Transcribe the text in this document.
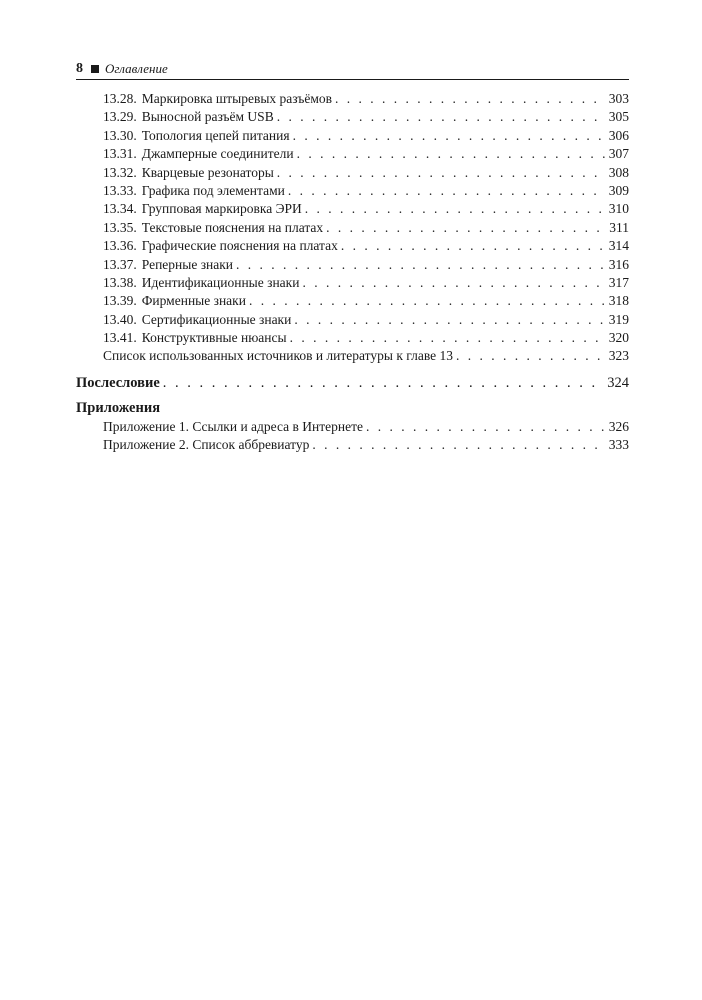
8 Оглавление
13.28. Маркировка штыревых разъёмов . . .	303
13.29. Выносной разъём USB . . .	305
13.30. Топология цепей питания . . .	306
13.31. Джамперные соединители . . .	307
13.32. Кварцевые резонаторы . . .	308
13.33. Графика под элементами . . .	309
13.34. Групповая маркировка ЭРИ . . .	310
13.35. Текстовые пояснения на платах . . .	311
13.36. Графические пояснения на платах . . .	314
13.37. Реперные знаки . . .	316
13.38. Идентификационные знаки . . .	317
13.39. Фирменные знаки . . .	318
13.40. Сертификационные знаки . . .	319
13.41. Конструктивные нюансы . . .	320
Список использованных источников и литературы к главе 13 . . .	323
Послесловие . . .	324
Приложения
Приложение 1. Ссылки и адреса в Интернете . . .	326
Приложение 2. Список аббревиатур . . .	333
